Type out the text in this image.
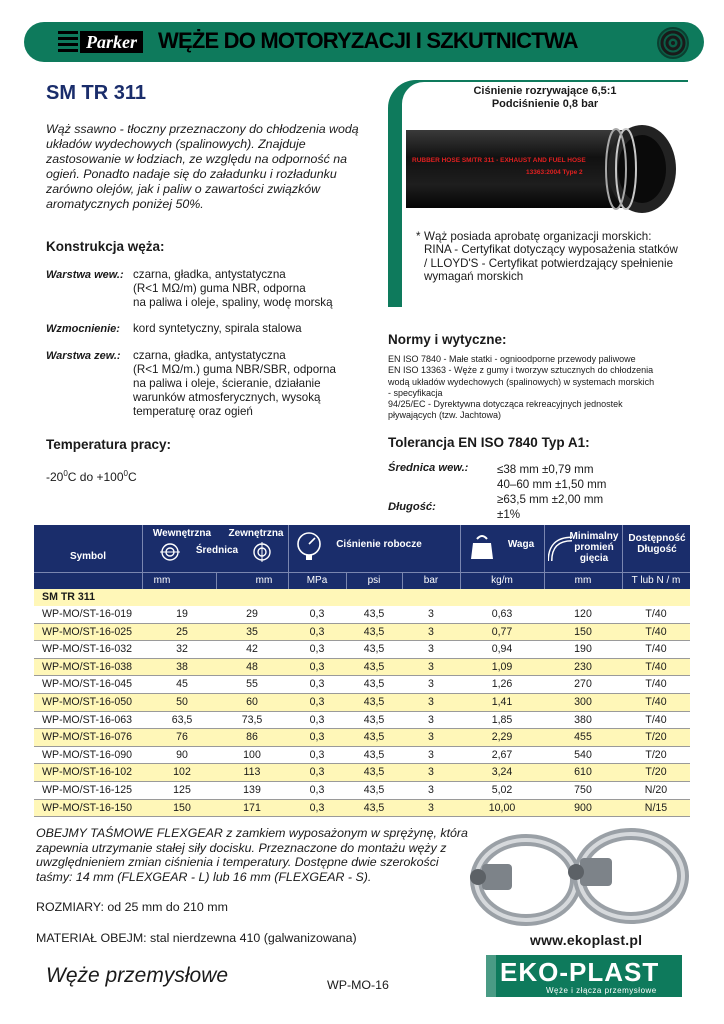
Parker WĘŻE DO MOTORYZACJI I SZKUTNICTWA
SM TR 311
Wąż ssawno - tłoczny przeznaczony do chłodzenia wodą układów wydechowych (spalinowych). Znajduje zastosowanie w łodziach, ze względu na odporność na ogień. Ponadto nadaje się do załadunku i rozładunku zarówno olejów, jak i paliw o zawartości związków aromatycznych poniżej 50%.
Konstrukcja węża:
Warstwa wew.: czarna, gładka, antystatyczna
(R<1 MΩ/m) guma NBR, odporna
na paliwa i oleje, spaliny, wodę morską
Wzmocnienie: kord syntetyczny, spirala stalowa
Warstwa zew.: czarna, gładka, antystatyczna
(R<1 MΩ/m.) guma NBR/SBR, odporna
na paliwa i oleje, ścieranie, działanie
warunków atmosferycznych, wysoką
temperaturę oraz ogień
Temperatura pracy:
$-20^0C$ do $+100^0C$
Ciśnienie rozrywające 6,5:1
Podciśnienie 0,8 bar
RUBBER HOSE SM/TR 311 - EXHAUST AND FUEL HOSE
13363:2004 Type 2
* Wąż posiada aprobatę organizacji morskich: RINA - Certyfikat dotyczący wyposażenia statków / LLOYD'S - Certyfikat potwierdzający spełnienie wymagań morskich
Normy i wytyczne:
EN ISO 7840 - Małe statki - ognioodporne przewody paliwowe
EN ISO 13363 - Węże z gumy i tworzyw sztucznych do chłodzenia
wodą układów wydechowych (spalinowych) w systemach morskich
- specyfikacja
94/25/EC - Dyrektywna dotycząca rekreacyjnych jednostek
pływających (tzw. Jachtowa)
Tolerancja EN ISO 7840 Typ A1:
Średnica wew.: ≤38 mm ±0,79 mm
40–60 mm ±1,50 mm
≥63,5 mm ±2,00 mm
Długość:
±1%
Symbol
Wewnętrzna	Zewnętrzna
Średnica
Ciśnienie robocze	Waga
Minimalny promień gięcia
Dostępność Długość
mm	mm	MPa	psi	bar	kg/m	mm	T lub N / m
SM TR 311
WP-MO/ST-16-019	19	29	0,3	43,5	3	0,63	120	T/40
WP-MO/ST-16-025	25	35	0,3	43,5	3	0,77	150	T/40
WP-MO/ST-16-032	32	42	0,3	43,5	3	0,94	190	T/40
WP-MO/ST-16-038	38	48	0,3	43,5	3	1,09	230	T/40
WP-MO/ST-16-045	45	55	0,3	43,5	3	1,26	270	T/40
WP-MO/ST-16-050	50	60	0,3	43,5	3	1,41	300	T/40
WP-MO/ST-16-063	63,5	73,5	0,3	43,5	3	1,85	380	T/40
WP-MO/ST-16-076	76	86	0,3	43,5	3	2,29	455	T/20
WP-MO/ST-16-090	90	100	0,3	43,5	3	2,67	540	T/20
WP-MO/ST-16-102	102	113	0,3	43,5	3	3,24	610	T/20
WP-MO/ST-16-125	125	139	0,3	43,5	3	5,02	750	N/20
WP-MO/ST-16-150	150	171	0,3	43,5	3	10,00	900	N/15
OBEJMY TAŚMOWE FLEXGEAR z zamkiem wyposażonym w sprężynę, która zapewnia utrzymanie stałej siły docisku. Przeznaczone do montażu węży z uwzględnieniem zmian ciśnienia i temperatury. Dostępne dwie szerokości taśmy: 14 mm (FLEXGEAR - L) lub 16 mm (FLEXGEAR - S).
ROZMIARY: od 25 mm do 210 mm
MATERIAŁ OBEJM: stal nierdzewna 410 (galwanizowana)	www.ekoplast.pl
Węże przemysłowe	WP-MO-16	EKO-PLAST
Węże i złącza przemysłowe
